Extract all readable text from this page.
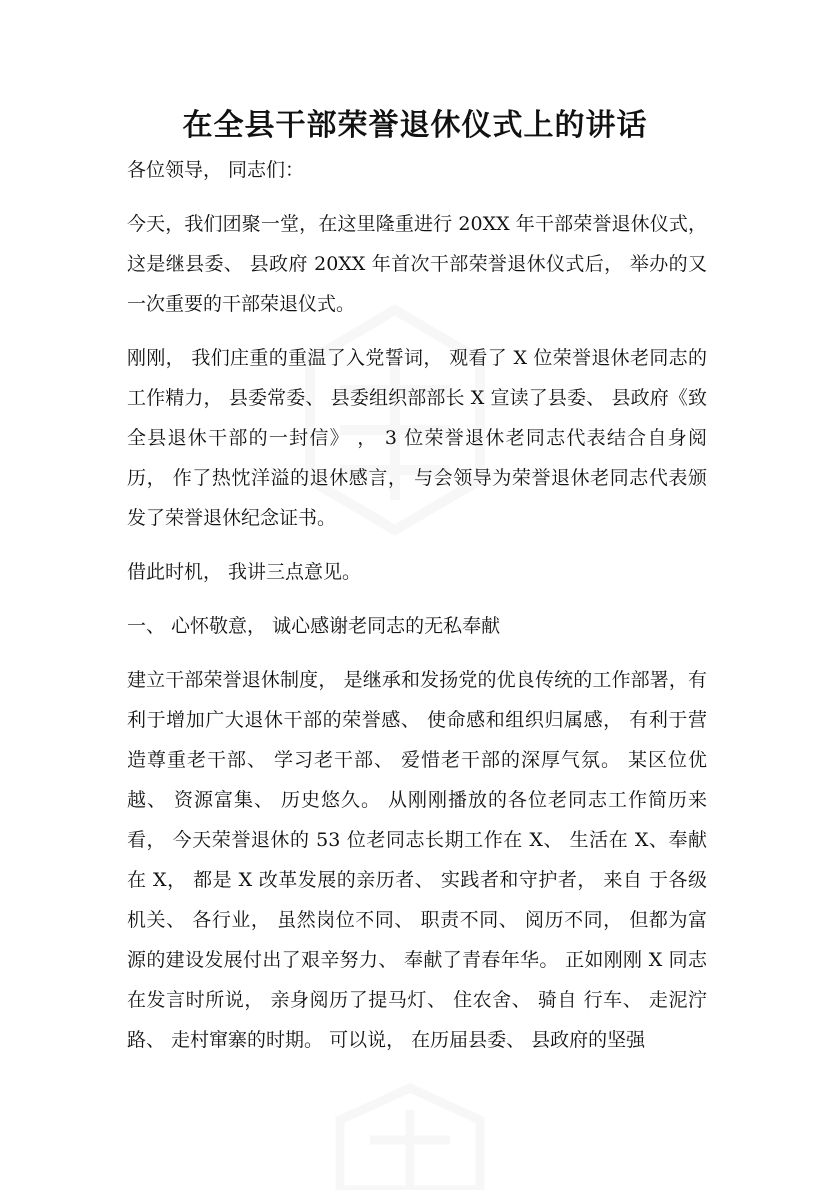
在全县干部荣誉退休仪式上的讲话

各位领导， 同志们：

今天，我们团聚一堂，在这里隆重进行 20XX 年干部荣誉退休仪式，这是继县委、 县政府 20XX 年首次干部荣誉退休仪式后， 举办的又一次重要的干部荣退仪式。

刚刚， 我们庄重的重温了入党誓词， 观看了 X 位荣誉退休老同志的工作精力， 县委常委、 县委组织部部长 X 宣读了县委、 县政府《致全县退休干部的一封信》 ， 3 位荣誉退休老同志代表结合自身阅历， 作了热忱洋溢的退休感言， 与会领导为荣誉退休老同志代表颁发了荣誉退休纪念证书。

借此时机， 我讲三点意见。

一、 心怀敬意， 诚心感谢老同志的无私奉献

建立干部荣誉退休制度， 是继承和发扬党的优良传统的工作部署，有利于增加广大退休干部的荣誉感、 使命感和组织归属感， 有利于营造尊重老干部、 学习老干部、 爱惜老干部的深厚气氛。 某区位优越、 资源富集、 历史悠久。 从刚刚播放的各位老同志工作简历来看， 今天荣誉退休的 53 位老同志长期工作在 X、 生活在 X、奉献在 X， 都是 X 改革发展的亲历者、 实践者和守护者， 来自 于各级机关、 各行业， 虽然岗位不同、 职责不同、 阅历不同， 但都为富源的建设发展付出了艰辛努力、 奉献了青春年华。 正如刚刚 X 同志在发言时所说， 亲身阅历了提马灯、 住农舍、 骑自 行车、 走泥泞路、 走村窜寨的时期。 可以说， 在历届县委、 县政府的坚强
